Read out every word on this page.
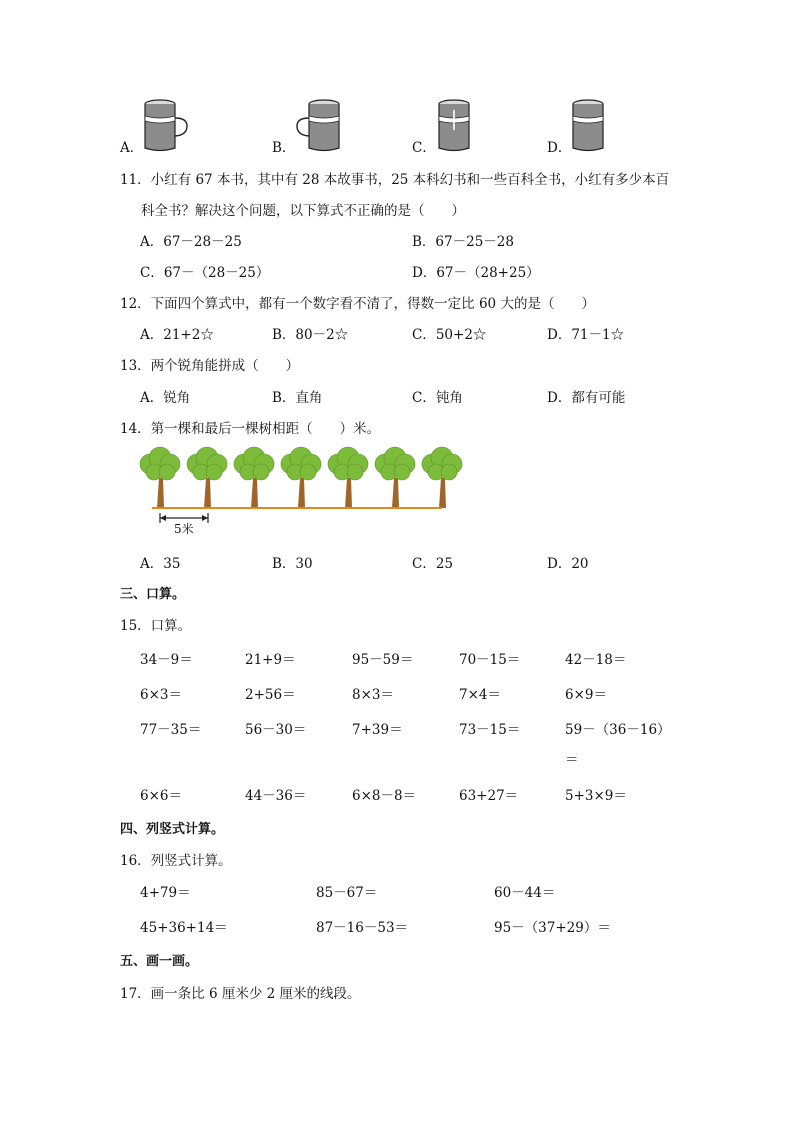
A．	B．	C．	D．
11．小红有 67 本书，其中有 28 本故事书，25 本科幻书和一些百科全书，小红有多少本百
科全书？解决这个问题，以下算式不正确的是（　　）
A．67－28－25	B．67－25－28
C．67－（28－25）	D．67－（28+25）
12．下面四个算式中，都有一个数字看不清了，得数一定比 60 大的是（　　）
A．21+2☆	B．80－2☆	C．50+2☆	D．71－1☆
13．两个锐角能拼成（　　）
A．锐角	B．直角	C．钝角	D．都有可能
14．第一棵和最后一棵树相距（　　）米。
5米
A．35	B．30	C．25	D．20
三、口算。
15．口算。
34－9＝	21+9＝	95－59＝	70－15＝	42－18＝
6×3＝	2+56＝	8×3＝	7×4＝	6×9＝
77－35＝	56－30＝	7+39＝	73－15＝	59－（36－16）
＝
6×6＝	44－36＝	6×8－8＝	63+27＝	5+3×9＝
四、列竖式计算。
16．列竖式计算。
4+79＝	85－67＝	60－44＝
45+36+14＝	87－16－53＝	95－（37+29）＝
五、画一画。
17．画一条比 6 厘米少 2 厘米的线段。
